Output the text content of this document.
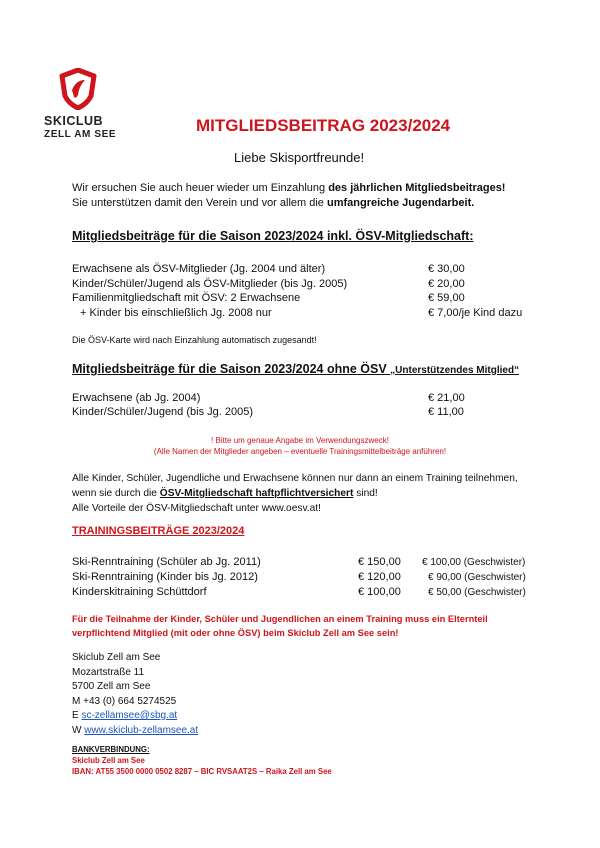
SKICLUB
ZELL AM SEE	MITGLIEDSBEITRAG 2023/2024
Liebe Skisportfreunde!
Wir ersuchen Sie auch heuer wieder um Einzahlung des jährlichen Mitgliedsbeitrages!
Sie unterstützen damit den Verein und vor allem die umfangreiche Jugendarbeit.
Mitgliedsbeiträge für die Saison 2023/2024 inkl. ÖSV-Mitgliedschaft:
Erwachsene als ÖSV-Mitglieder (Jg. 2004 und älter)	€ 30,00
Kinder/Schüler/Jugend als ÖSV-Mitglieder (bis Jg. 2005)	€ 20,00
Familienmitgliedschaft mit ÖSV: 2 Erwachsene	€ 59,00
+ Kinder bis einschließlich Jg. 2008 nur	€ 7,00/je Kind dazu
Die ÖSV-Karte wird nach Einzahlung automatisch zugesandt!
Mitgliedsbeiträge für die Saison 2023/2024 ohne ÖSV „Unterstützendes Mitglied“
Erwachsene (ab Jg. 2004)	€ 21,00
Kinder/Schüler/Jugend (bis Jg. 2005)	€ 11,00
! Bitte um genaue Angabe im Verwendungszweck!
(Alle Namen der Mitglieder angeben – eventuelle Trainingsmittelbeiträge anführen!
Alle Kinder, Schüler, Jugendliche und Erwachsene können nur dann an einem Training teilnehmen,
wenn sie durch die ÖSV-Mitgliedschaft haftpflichtversichert sind!
Alle Vorteile der ÖSV-Mitgliedschaft unter www.oesv.at!
TRAININGSBEITRÄGE 2023/2024
Ski-Renntraining (Schüler ab Jg. 2011)	€ 150,00 € 100,00 (Geschwister)
Ski-Renntraining (Kinder bis Jg. 2012)	€ 120,00	€ 90,00 (Geschwister)
Kinderskitraining Schüttdorf	€ 100,00	€ 50,00 (Geschwister)
Für die Teilnahme der Kinder, Schüler und Jugendlichen an einem Training muss ein Elternteil
verpflichtend Mitglied (mit oder ohne ÖSV) beim Skiclub Zell am See sein!
Skiclub Zell am See
Mozartstraße 11
5700 Zell am See
M +43 (0) 664 5274525
E sc-zellamsee@sbg.at
W www.skiclub-zellamsee.at
BANKVERBINDUNG:
Skiclub Zell am See
IBAN: AT55 3500 0000 0502 8287 – BIC RVSAAT2S – Raika Zell am See
